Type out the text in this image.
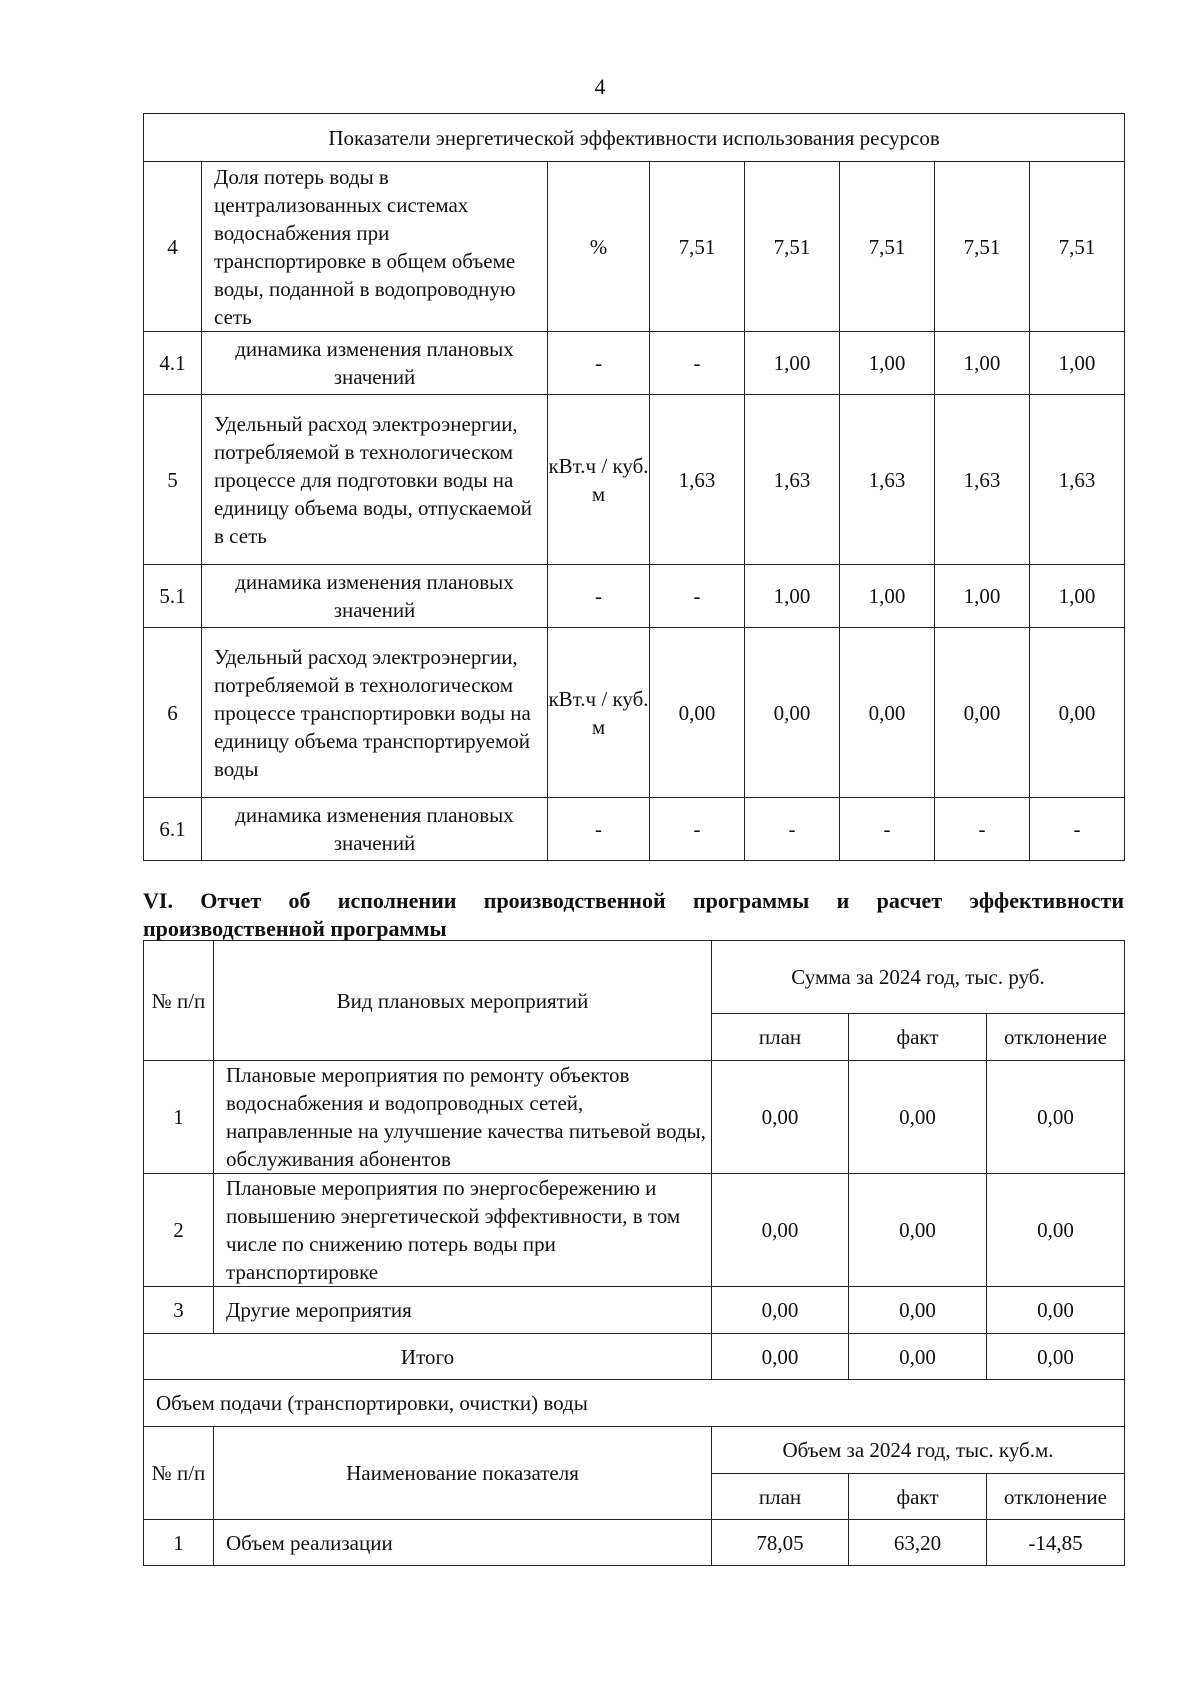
4
Показатели энергетической эффективности использования ресурсов							
4	Доля потерь воды в централизованных системах водоснабжения при транспортировке в общем объеме воды, поданной в водопроводную сеть	%	7,51	7,51	7,51	7,51	7,51
4.1	динамика изменения плановых значений	-	-	1,00	1,00	1,00	1,00
5	Удельный расход электроэнергии, потребляемой в технологическом процессе для подготовки воды на единицу объема воды, отпускаемой в сеть	кВт.ч / куб. м	1,63	1,63	1,63	1,63	1,63
5.1	динамика изменения плановых значений	-	-	1,00	1,00	1,00	1,00
6	Удельный расход электроэнергии, потребляемой в технологическом процессе транспортировки воды на единицу объема транспортируемой воды	кВт.ч / куб. м	0,00	0,00	0,00	0,00	0,00
6.1	динамика изменения плановых значений	-	-	-	-	-	-
VI. Отчет об исполнении производственной программы и расчет эффективности производственной программы
№ п/п	Вид плановых мероприятий	Сумма за 2024 год, тыс. руб.		
		план	факт	отклонение
1	Плановые мероприятия по ремонту объектов водоснабжения и водопроводных сетей, направленные на улучшение качества питьевой воды, обслуживания абонентов	0,00	0,00	0,00
2	Плановые мероприятия по энергосбережению и повышению энергетической эффективности, в том числе по снижению потерь воды при транспортировке	0,00	0,00	0,00
3	Другие мероприятия	0,00	0,00	0,00
Итого		0,00	0,00	0,00
Объем подачи (транспортировки, очистки) воды				
№ п/п	Наименование показателя	Объем за 2024 год, тыс. куб.м.		
		план	факт	отклонение
1	Объем реализации	78,05	63,20	-14,85
